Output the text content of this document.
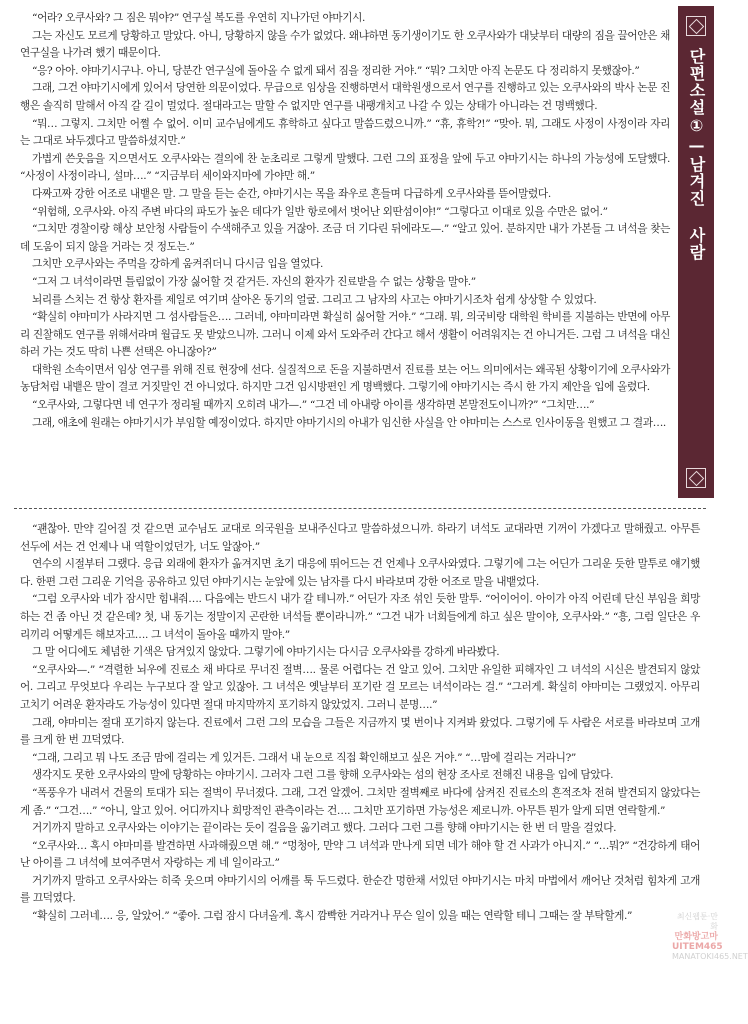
“어라? 오쿠사와? 그 짐은 뭐야?” 연구실 복도를 우연히 지나가던 야마기시.

그는 자신도 모르게 당황하고 말았다. 아니, 당황하지 않을 수가 없었다. 왜냐하면 동기생이기도 한 오쿠사와가 대낮부터 대량의 짐을 끌어안은 채 연구실을 나가려 했기 때문이다.

“응? 아아. 야마기시구나. 아니, 당분간 연구실에 돌아올 수 없게 돼서 짐을 정리한 거야.” “뭐? 그치만 아직 논문도 다 정리하지 못했잖아.”

그래, 그건 야마기시에게 있어서 당연한 의문이었다. 무급으로 임상을 진행하면서 대학원생으로서 연구를 진행하고 있는 오쿠사와의 박사 논문 진행은 솔직히 말해서 아직 갈 길이 멀었다. 절대라고는 말할 수 없지만 연구를 내팽개치고 나갈 수 있는 상태가 아니라는 건 명백했다.

“뭐… 그렇지. 그치만 어쩔 수 없어. 이미 교수님에게도 휴학하고 싶다고 말씀드렸으니까.” “휴, 휴학?!” “맞아. 뭐, 그래도 사정이 사정이라 자리는 그대로 놔두겠다고 말씀하셨지만.”

가볍게 쓴웃음을 지으면서도 오쿠사와는 결의에 찬 눈초리로 그렇게 말했다. 그런 그의 표정을 앞에 두고 야마기시는 하나의 가능성에 도달했다. “사정이 사정이라니, 설마….” “지금부터 세이와지마에 가야만 해.”

다짜고짜 강한 어조로 내뱉은 말. 그 말을 듣는 순간, 야마기시는 목을 좌우로 흔들며 다급하게 오쿠사와를 뜯어말렸다.

“위험해, 오쿠사와. 아직 주변 바다의 파도가 높은 데다가 일반 항로에서 벗어난 외딴섬이야!” “그렇다고 이대로 있을 수만은 없어.”

“그치만 경찰이랑 해상 보안청 사람들이 수색해주고 있을 거잖아. 조금 더 기다린 뒤에라도—.” “알고 있어. 분하지만 내가 가본들 그 녀석을 찾는데 도움이 되지 않을 거라는 것 정도는.”

그치만 오쿠사와는 주먹을 강하게 움켜쥐더니 다시금 입을 열었다.

“그저 그 녀석이라면 틀림없이 가장 싫어할 것 같거든. 자신의 환자가 진료받을 수 없는 상황을 말야.”

뇌리를 스치는 건 항상 환자를 제일로 여기며 살아온 동기의 얼굴. 그리고 그 남자의 사고는 야마기시조차 쉽게 상상할 수 있었다.

“확실히 야마미가 사라지면 그 섬사람들은…. 그러네, 야마미라면 확실히 싫어할 거야.” “그래. 뭐, 의국비랑 대학원 학비를 지불하는 반면에 아무리 진찰해도 연구를 위해서라며 월급도 못 받았으니까. 그러니 이제 와서 도와주러 간다고 해서 생활이 어려워지는 건 아니거든. 그럼 그 녀석을 대신하러 가는 것도 딱히 나쁜 선택은 아니잖아?”

대학원 소속이면서 임상 연구를 위해 진료 현장에 선다. 실질적으로 돈을 지불하면서 진료를 보는 어느 의미에서는 왜곡된 상황이기에 오쿠사와가 농담처럼 내뱉은 말이 결코 거짓말인 건 아니었다. 하지만 그건 임시방편인 게 명백했다. 그렇기에 야마기시는 즉시 한 가지 제안을 입에 올렸다.

“오쿠사와, 그렇다면 네 연구가 정리될 때까지 오히려 내가—.” “그건 네 아내랑 아이를 생각하면 본말전도이니까?” “그치만….”

그래, 애초에 원래는 야마기시가 부임할 예정이었다. 하지만 야마기시의 아내가 임신한 사실을 안 야마미는 스스로 인사이동을 원했고 그 결과….

“괜찮아. 만약 길어질 것 같으면 교수님도 교대로 의국원을 보내주신다고 말씀하셨으니까. 하라기 녀석도 교대라면 기꺼이 가겠다고 말해줬고. 아무튼 선두에 서는 건 언제나 내 역할이었던가, 너도 알잖아.”

연수의 시절부터 그랬다. 응급 외래에 환자가 옮겨지면 초기 대응에 뛰어드는 건 언제나 오쿠사와였다. 그렇기에 그는 어딘가 그리운 듯한 말투로 얘기했다. 한편 그런 그리운 기억을 공유하고 있던 야마기시는 눈앞에 있는 남자를 다시 바라보며 강한 어조로 말을 내뱉었다.

“그럼 오쿠사와 네가 잠시만 힘내줘…. 다음에는 반드시 내가 갈 테니까.” 어딘가 자조 섞인 듯한 말투. “어이어이. 아이가 아직 어린데 단신 부임을 희망하는 건 좀 아닌 것 같은데? 첫, 내 동기는 정말이지 곤란한 녀석들 뿐이라니까.” “그건 내가 너희들에게 하고 싶은 말이야, 오쿠사와.” “흥, 그럼 일단은 우리끼리 어떻게든 해보자고…. 그 녀석이 돌아올 때까지 말야.”

그 말 어디에도 체념한 기색은 담겨있지 않았다. 그렇기에 야마기시는 다시금 오쿠사와를 강하게 바라봤다.

“오쿠사와—.” “격렬한 뇌우에 진료소 채 바다로 무너진 절벽…. 물론 어렵다는 건 알고 있어. 그치만 유일한 피해자인 그 녀석의 시신은 발견되지 않았어. 그리고 무엇보다 우리는 누구보다 잘 알고 있잖아. 그 녀석은 옛날부터 포기란 걸 모르는 녀석이라는 걸.” “그러게. 확실히 야마미는 그랬었지. 아무리 고치기 어려운 환자라도 가능성이 있다면 절대 마지막까지 포기하지 않았었지. 그러니 분명….”

그래, 야마미는 절대 포기하지 않는다. 진료에서 그런 그의 모습을 그들은 지금까지 몇 번이나 지켜봐 왔었다. 그렇기에 두 사람은 서로를 바라보며 고개를 크게 한 번 끄덕였다.

“그래, 그리고 뭐 나도 조금 맘에 걸리는 게 있거든. 그래서 내 눈으로 직접 확인해보고 싶은 거야.” “…맘에 걸리는 거라니?”

생각지도 못한 오쿠사와의 말에 당황하는 야마기시. 그러자 그런 그를 향해 오쿠사와는 섬의 현장 조사로 전해진 내용을 입에 담았다.

“폭풍우가 내려서 건물의 토대가 되는 절벽이 무너졌다. 그래, 그건 알겠어. 그치만 절벽째로 바다에 삼켜진 진료소의 흔적조차 전혀 발견되지 않았다는 게 좀.” “그건….” “아니, 알고 있어. 어디까지나 희망적인 관측이라는 건…. 그치만 포기하면 가능성은 제로니까. 아무튼 뭔가 알게 되면 연락할게.”

거기까지 말하고 오쿠사와는 이야기는 끝이라는 듯이 걸음을 옮기려고 했다. 그러다 그런 그를 향해 야마기시는 한 번 더 말을 걸었다.

“오쿠사와… 혹시 야마미를 발견하면 사과해줬으면 해.” “멍청아, 만약 그 녀석과 만나게 되면 네가 해야 할 건 사과가 아니지.” “…뭐?” “건강하게 태어난 아이를 그 녀석에 보여주면서 자랑하는 게 네 일이라고.”

거기까지 말하고 오쿠사와는 히죽 웃으며 야마기시의 어깨를 툭 두드렸다. 한순간 멍한채 서있던 야마기시는 마치 마법에서 깨어난 것처럼 힘차게 고개를 끄덕였다.

“확실히 그러네…. 응, 알았어.” “좋아. 그럼 잠시 다녀올게. 혹시 깜빡한 거라거나 무슨 일이 있을 때는 연락할 테니 그때는 잘 부탁할게.”

단편소설①—남겨진 사람
최신웹툰·만화
만화방고마UITEM465
MANATOKI465.NET
